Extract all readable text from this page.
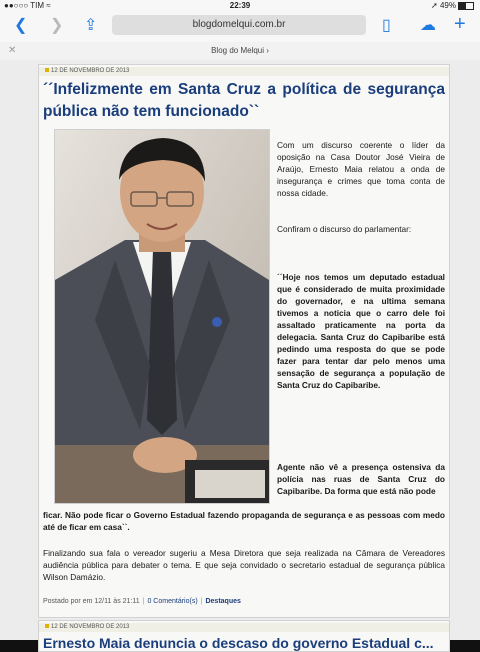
●●○○○ TIM ≈	22:39	➚ 49%
❮ ❯ ⇪	blogdomelqui.com.br	▯ ☁ +
✕	Blog do Melqui ›
12 DE NOVEMBRO DE 2013
´´Infelizmente em Santa Cruz a política de segurança pública não tem funcionado``
Com um discurso coerente o líder da oposição na Casa Doutor José Vieira de Araújo, Ernesto Maia relatou a onda de insegurança e crimes que toma conta de nossa cidade.
Confiram o discurso do parlamentar:
´´Hoje nos temos um deputado estadual que é considerado de muita proximidade do governador, e na ultima semana tivemos a noticia que o carro dele foi assaltado praticamente na porta da delegacia. Santa Cruz do Capibaribe está pedindo uma resposta do que se pode fazer para tentar dar pelo menos uma sensação de segurança a população de Santa Cruz do Capibaribe.
Agente não vê a presença ostensiva da polícia nas ruas de Santa Cruz do Capibaribe. Da forma que está não pode
ficar. Não pode ficar o Governo Estadual fazendo propaganda de segurança e as pessoas com medo até de ficar em casa``.
Finalizando sua fala o vereador sugeriu a Mesa Diretora que seja realizada na Câmara de Vereadores audiência pública para debater o tema. E que seja convidado o secretario estadual de segurança pública Wilson Damázio.
Postado por em 12/11 às 21:11 | 0 Comentário(s) | Destaques
12 DE NOVEMBRO DE 2013
Ernesto Maia denuncia o descaso do governo Estadual c...
